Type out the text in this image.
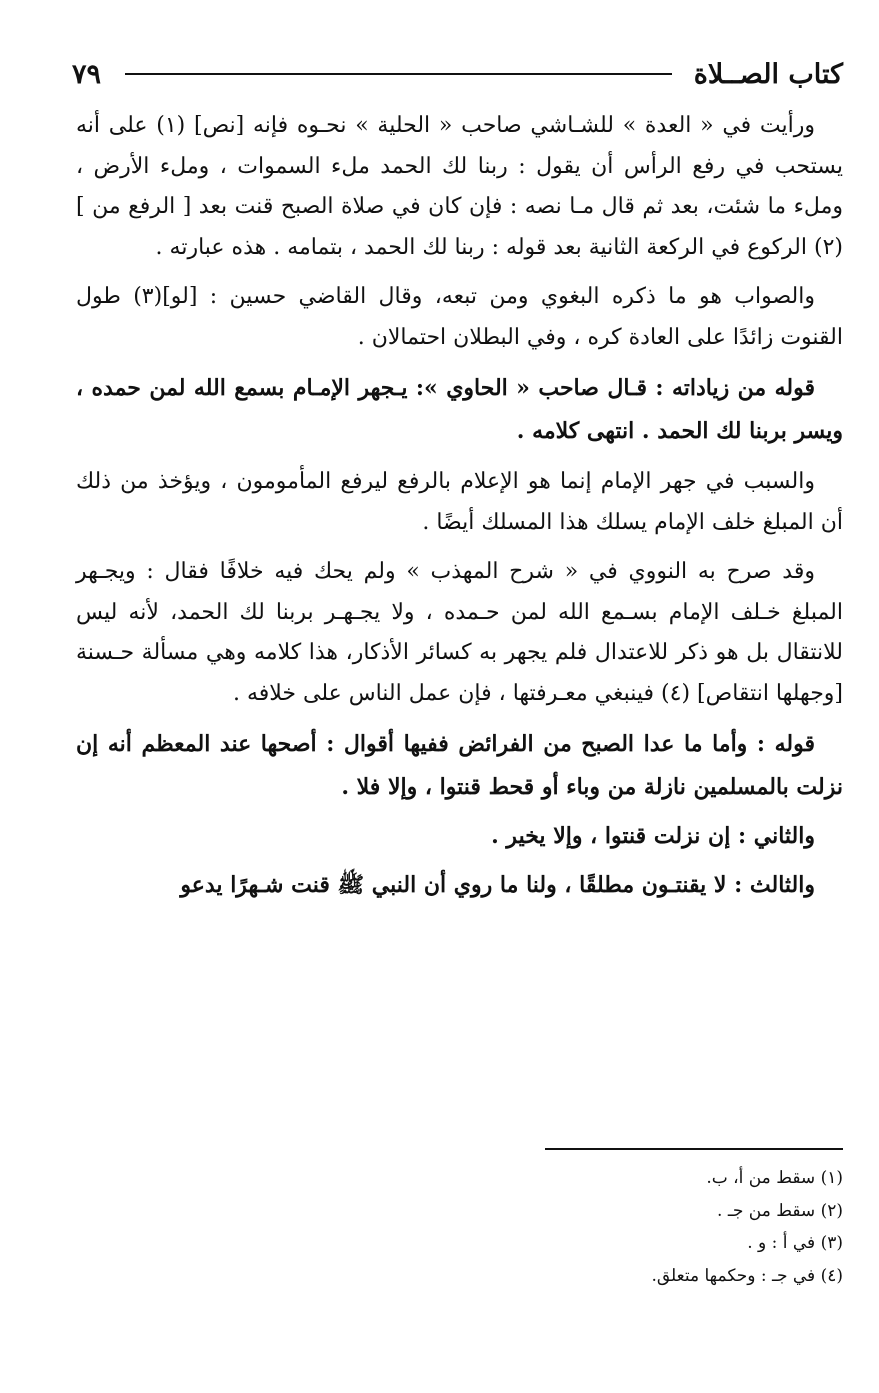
كتاب الصــلاة
٧٩

ورأيت في « العدة » للشـاشي صاحب « الحلية » نحـوه فإنه [نص] (١) على أنه يستحب في رفع الرأس أن يقول : ربنا لك الحمد ملء السموات ، وملء الأرض ، وملء ما شئت، بعد ثم قال مـا نصه : فإن كان في صلاة الصبح قنت بعد [ الرفع من ] (٢) الركوع في الركعة الثانية بعد قوله : ربنا لك الحمد ، بتمامه . هذه عبارته .

والصواب هو ما ذكره البغوي ومن تبعه، وقال القاضي حسين : [لو](٣) طول القنوت زائدًا على العادة كره ، وفي البطلان احتمالان .

قوله من زياداته : قـال صاحب « الحاوي »: يـجهر الإمـام بسمع الله لمن حمده ، ويسر بربنا لك الحمد . انتهى كلامه .

والسبب في جهر الإمام إنما هو الإعلام بالرفع ليرفع المأمومون ، ويؤخذ من ذلك أن المبلغ خلف الإمام يسلك هذا المسلك أيضًا .

وقد صرح به النووي في « شرح المهذب » ولم يحك فيه خلافًا فقال : ويجـهر المبلغ خـلف الإمام بسـمع الله لمن حـمده ، ولا يجـهـر بربنا لك الحمد، لأنه ليس للانتقال بل هو ذكر للاعتدال فلم يجهر به كسائر الأذكار، هذا كلامه وهي مسألة حـسنة [وجهلها انتقاص] (٤) فينبغي معـرفتها ، فإن عمل الناس على خلافه .

قوله : وأما ما عدا الصبح من الفرائض ففيها أقوال : أصحها عند المعظم أنه إن نزلت بالمسلمين نازلة من وباء أو قحط قنتوا ، وإلا فلا .

والثاني : إن نزلت قنتوا ، وإلا يخير .

والثالث : لا يقنتـون مطلقًا ، ولنا ما روي أن النبي ﷺ قنت شـهرًا يدعو

(١) سقط من أ، ب.
(٢) سقط من جـ .
(٣) في أ : و .
(٤) في جـ : وحكمها متعلق.
